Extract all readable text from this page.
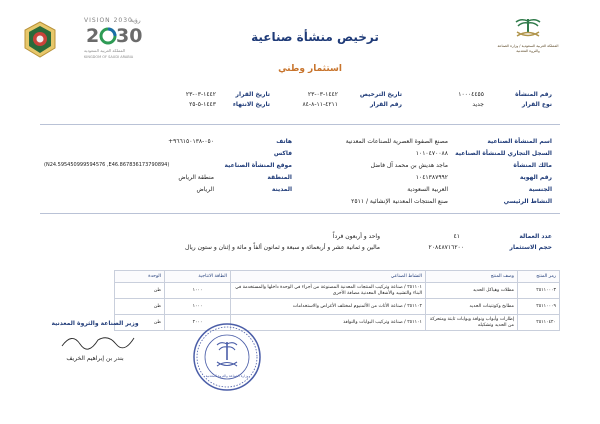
VISION 2030
رؤية
2 30
المملكة العربية السعودية
KINGDOM OF SAUDI ARABIA
ترخيص منشأة صناعية
استثمار وطني
المملكة العربية السعودية / وزارة الصناعة والثروة المعدنية
رقم المنشأة
١٠٠٠٤٤٥٥
نوع القرار
جديد
تاريخ الترخيص
١٤٤٢-٠٣-٢٣
رقم القرار
٤٢١١-١١-٨-٨٤
تاريخ القرار
١٤٤٢-٠٣-٢٣
تاريخ الانتهاء
١٤٤٣-٥-٢٥
اسم المنشأة الصناعية
مصنع الصفوة العصرية للصناعات المعدنية
السجل التجاري للمنشأة الصناعية
١٠١٠٤٧٠٠٨٨
مالك المنشأة
ماجد هديش بن محمد آل فاضل
رقم الهوية
١٠٤١٣٨٧٩٩٢
الجنسية
العربية السعودية
النشاط الرئيسي
صنع المنتجات المعدنية الإنشائية / ٢٥١١
هاتف
٠٥٠-٩٦٦١٥٠١٣٨+
فاكس
موقع المنشأة الصناعية
(N24.595450999594576 ,E46.867836173790894)
المنطقة
منطقة الرياض
المدينة
الرياض
عدد العمالة
٤١
واحد و أربعون فرداً
حجم الاستثمار
٢٠٨٤٨٧١٦٢٠٠
مالين و ثمانية عشر و أربعمائة و سبعة و ثمانون ألفاً و مائة و إثنان و ستون ريال
رمز المنتج	وصف المنتج	النشاط الصناعي	الطاقة الانتاجية	الوحدة
٢٥١١٠٠٠٣	مظلات وهياكل الحديد	٢٥١١٠١ / صناعة وتركيب المنتجات المعدنية المصنوعة من أجزاء في الوحدة داخلها والمستخدمة في البناء والتشييد والأشغال المعدنية مضافة الأخرى	١٠٠٠	طن
٢٥١١٠٠٠٩	مطابخ وكونتينات الحديد	٢٥١١٠٢ / صناعة الأثاث من الألمنيوم لمختلف الأغراض والاستخدامات	١٠٠٠	طن
٢٥١١٠٤٢٠	إطارات وأبواب ونوافذ وبوابات ثابتة ومتحركة من الحديد وتشكيله	٢٥١١٠١ / صناعة وتركيب البوابات والنوافذ	٢٠٠٠	طن
وزارة الصناعة والثروة المعدنية
وزير الصناعة والثروة المعدنية
بندر بن إبراهيم الخريف
